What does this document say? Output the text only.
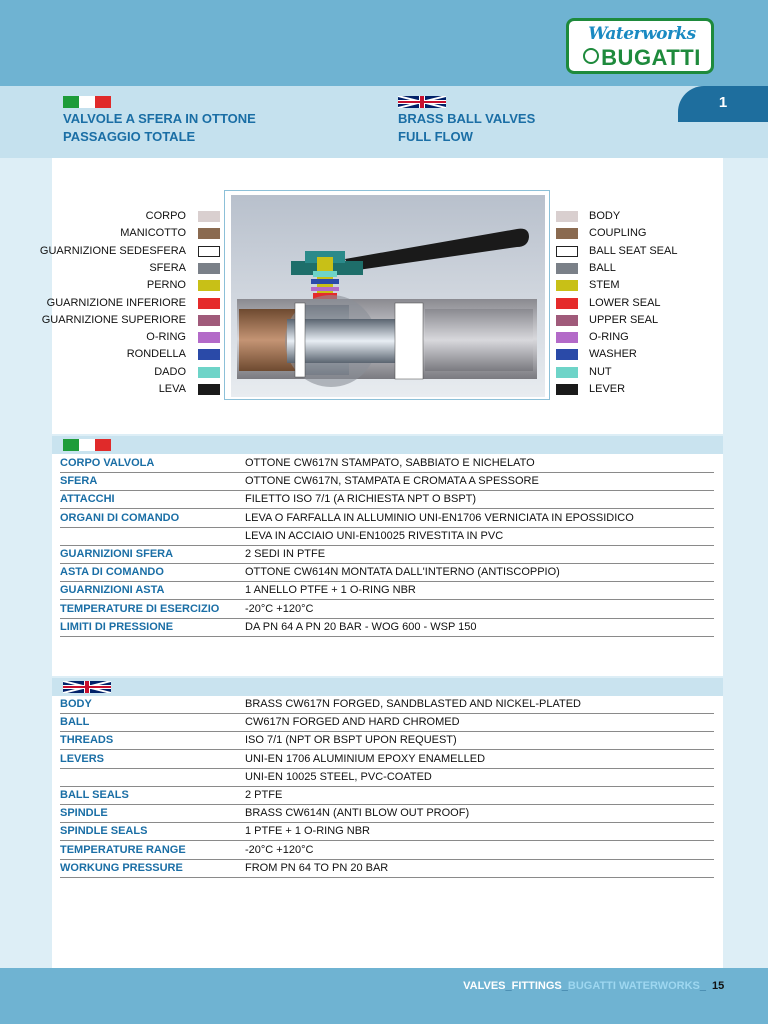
Waterworks
BUGATTI
1
VALVOLE A SFERA IN OTTONE
PASSAGGIO TOTALE
BRASS BALL VALVES
FULL FLOW
CORPO	BODY
MANICOTTO	COUPLING
GUARNIZIONE SEDESFERA	BALL SEAT SEAL
SFERA	BALL
PERNO	STEM
GUARNIZIONE INFERIORE	LOWER SEAL
GUARNIZIONE SUPERIORE	UPPER SEAL
O-RING	O-RING
RONDELLA	WASHER
DADO	NUT
LEVA	LEVER
CORPO VALVOLA	OTTONE CW617N STAMPATO, SABBIATO E NICHELATO
SFERA	OTTONE CW617N, STAMPATA E CROMATA A SPESSORE
ATTACCHI	FILETTO ISO 7/1 (A RICHIESTA NPT O BSPT)
ORGANI DI COMANDO	LEVA O FARFALLA IN ALLUMINIO UNI-EN1706 VERNICIATA IN EPOSSIDICO
LEVA IN ACCIAIO UNI-EN10025 RIVESTITA IN PVC
GUARNIZIONI SFERA	2 SEDI IN PTFE
ASTA DI COMANDO	OTTONE CW614N MONTATA DALL'INTERNO (ANTISCOPPIO)
GUARNIZIONI ASTA	1 ANELLO PTFE + 1 O-RING NBR
TEMPERATURE DI ESERCIZIO -20°C +120°C
LIMITI DI PRESSIONE	DA PN 64 A PN 20 BAR - WOG 600 - WSP 150
BODY	BRASS CW617N FORGED, SANDBLASTED AND NICKEL-PLATED
BALL	CW617N FORGED AND HARD CHROMED
THREADS	ISO 7/1 (NPT OR BSPT UPON REQUEST)
LEVERS	UNI-EN 1706 ALUMINIUM EPOXY ENAMELLED
UNI-EN 10025 STEEL, PVC-COATED
BALL SEALS	2 PTFE
SPINDLE	BRASS CW614N (ANTI BLOW OUT PROOF)
SPINDLE SEALS	1 PTFE + 1 O-RING NBR
TEMPERATURE RANGE	-20°C +120°C
WORKUNG PRESSURE	FROM PN 64 TO PN 20 BAR
VALVES_FITTINGS_BUGATTI WATERWORKS_ 15
